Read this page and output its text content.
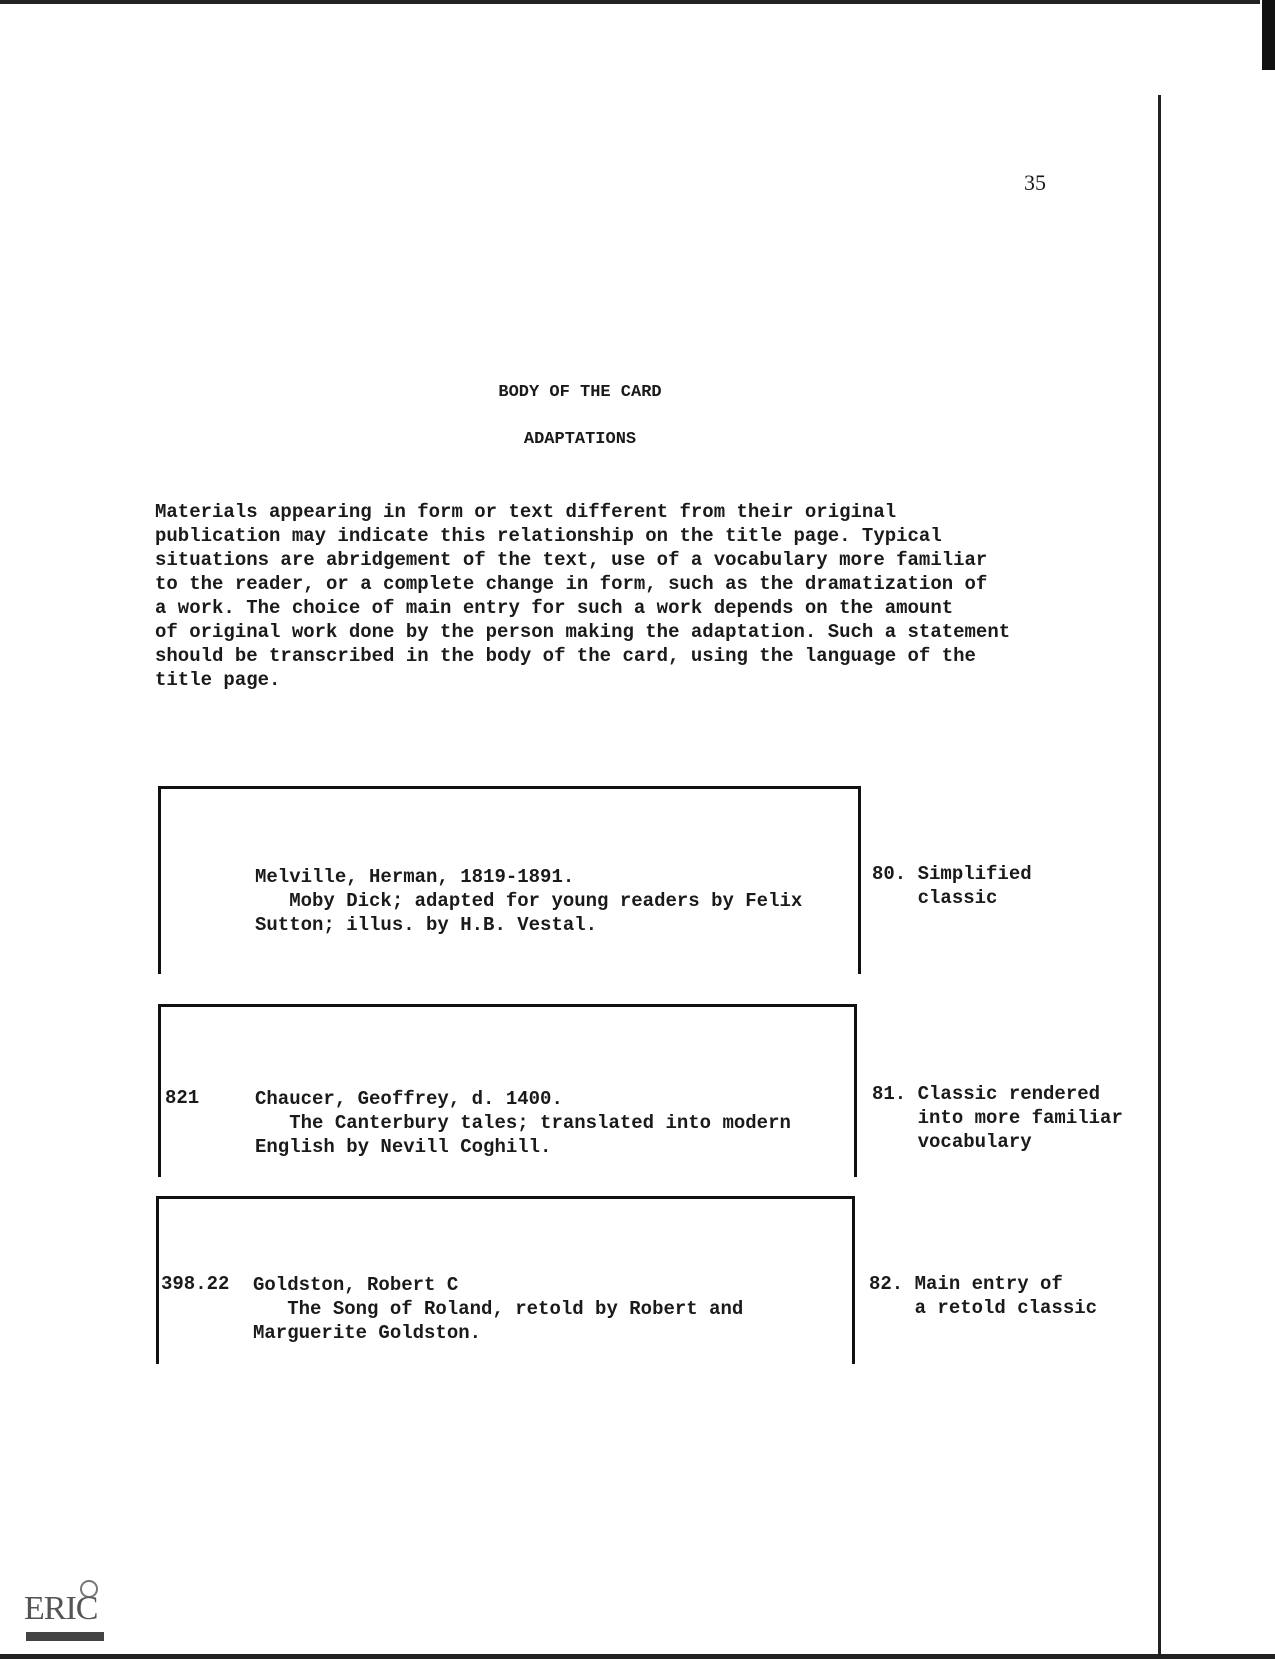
35
BODY OF THE CARD
ADAPTATIONS
Materials appearing in form or text different from their original
publication may indicate this relationship on the title page. Typical
situations are abridgement of the text, use of a vocabulary more familiar
to the reader, or a complete change in form, such as the dramatization of
a work. The choice of main entry for such a work depends on the amount
of original work done by the person making the adaptation. Such a statement
should be transcribed in the body of the card, using the language of the
title page.
Melville, Herman, 1819-1891.
Moby Dick; adapted for young readers by Felix
Sutton; illus. by H.B. Vestal.
80. Simplified
classic
821	Chaucer, Geoffrey, d. 1400.
The Canterbury tales; translated into modern
English by Nevill Coghill.
81. Classic rendered
into more familiar
vocabulary
398.22 Goldston, Robert C
The Song of Roland, retold by Robert and
Marguerite Goldston.
82. Main entry of
a retold classic
ERIC
